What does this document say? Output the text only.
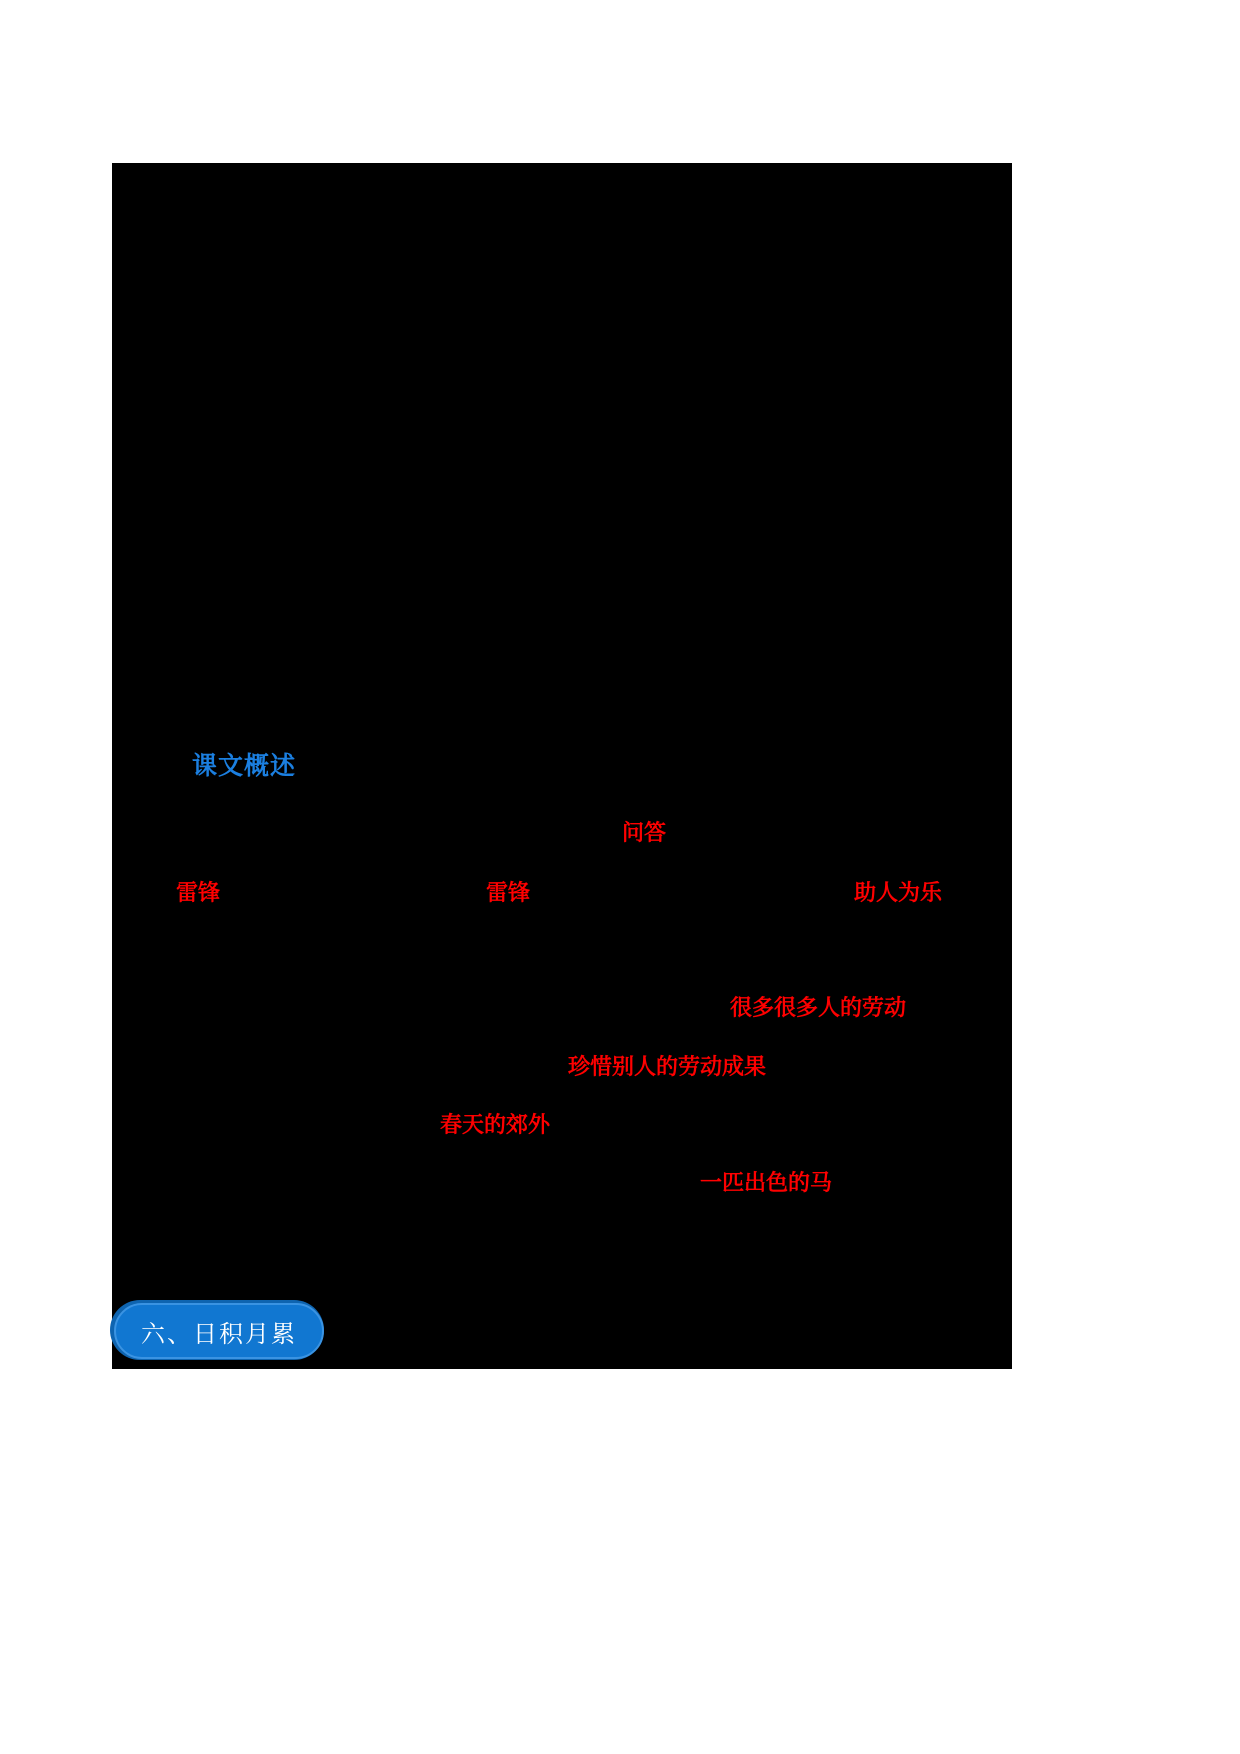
课文概述
问答
雷锋	雷锋	助人为乐
很多很多人的劳动
珍惜别人的劳动成果
春天的郊外
一匹出色的马
六、日积月累
